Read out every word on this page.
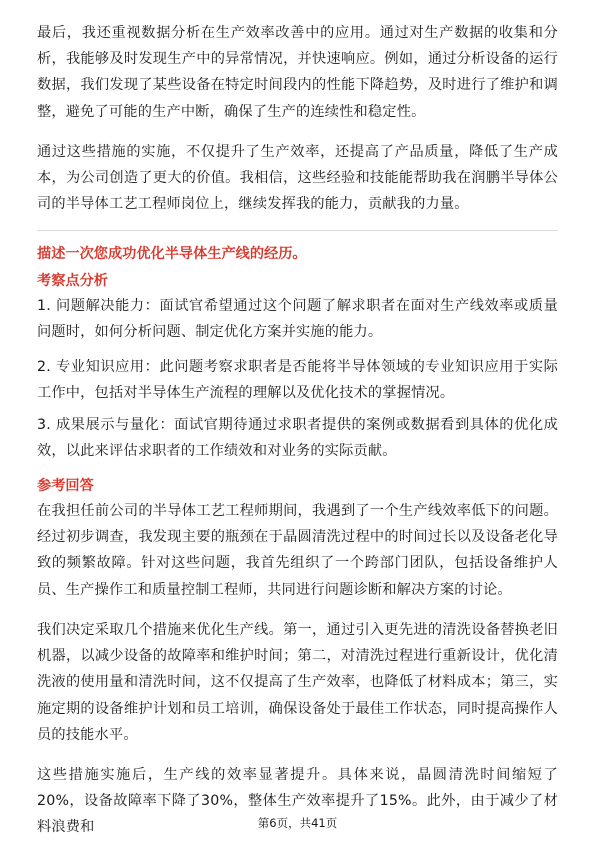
最后，我还重视数据分析在生产效率改善中的应用。通过对生产数据的收集和分析，我能够及时发现生产中的异常情况，并快速响应。例如，通过分析设备的运行数据，我们发现了某些设备在特定时间段内的性能下降趋势，及时进行了维护和调整，避免了可能的生产中断，确保了生产的连续性和稳定性。

通过这些措施的实施，不仅提升了生产效率，还提高了产品质量，降低了生产成本，为公司创造了更大的价值。我相信，这些经验和技能能帮助我在润鹏半导体公司的半导体工艺工程师岗位上，继续发挥我的能力，贡献我的力量。

描述一次您成功优化半导体生产线的经历。

考察点分析

1. 问题解决能力：面试官希望通过这个问题了解求职者在面对生产线效率或质量问题时，如何分析问题、制定优化方案并实施的能力。

2. 专业知识应用：此问题考察求职者是否能将半导体领域的专业知识应用于实际工作中，包括对半导体生产流程的理解以及优化技术的掌握情况。

3. 成果展示与量化：面试官期待通过求职者提供的案例或数据看到具体的优化成效，以此来评估求职者的工作绩效和对业务的实际贡献。

参考回答

在我担任前公司的半导体工艺工程师期间，我遇到了一个生产线效率低下的问题。经过初步调查，我发现主要的瓶颈在于晶圆清洗过程中的时间过长以及设备老化导致的频繁故障。针对这些问题，我首先组织了一个跨部门团队，包括设备维护人员、生产操作工和质量控制工程师，共同进行问题诊断和解决方案的讨论。

我们决定采取几个措施来优化生产线。第一，通过引入更先进的清洗设备替换老旧机器，以减少设备的故障率和维护时间；第二，对清洗过程进行重新设计，优化清洗液的使用量和清洗时间，这不仅提高了生产效率，也降低了材料成本；第三，实施定期的设备维护计划和员工培训，确保设备处于最佳工作状态，同时提高操作人员的技能水平。

这些措施实施后，生产线的效率显著提升。具体来说，晶圆清洗时间缩短了20%，设备故障率下降了30%，整体生产效率提升了15%。此外，由于减少了材料浪费和	第6页，共41页
